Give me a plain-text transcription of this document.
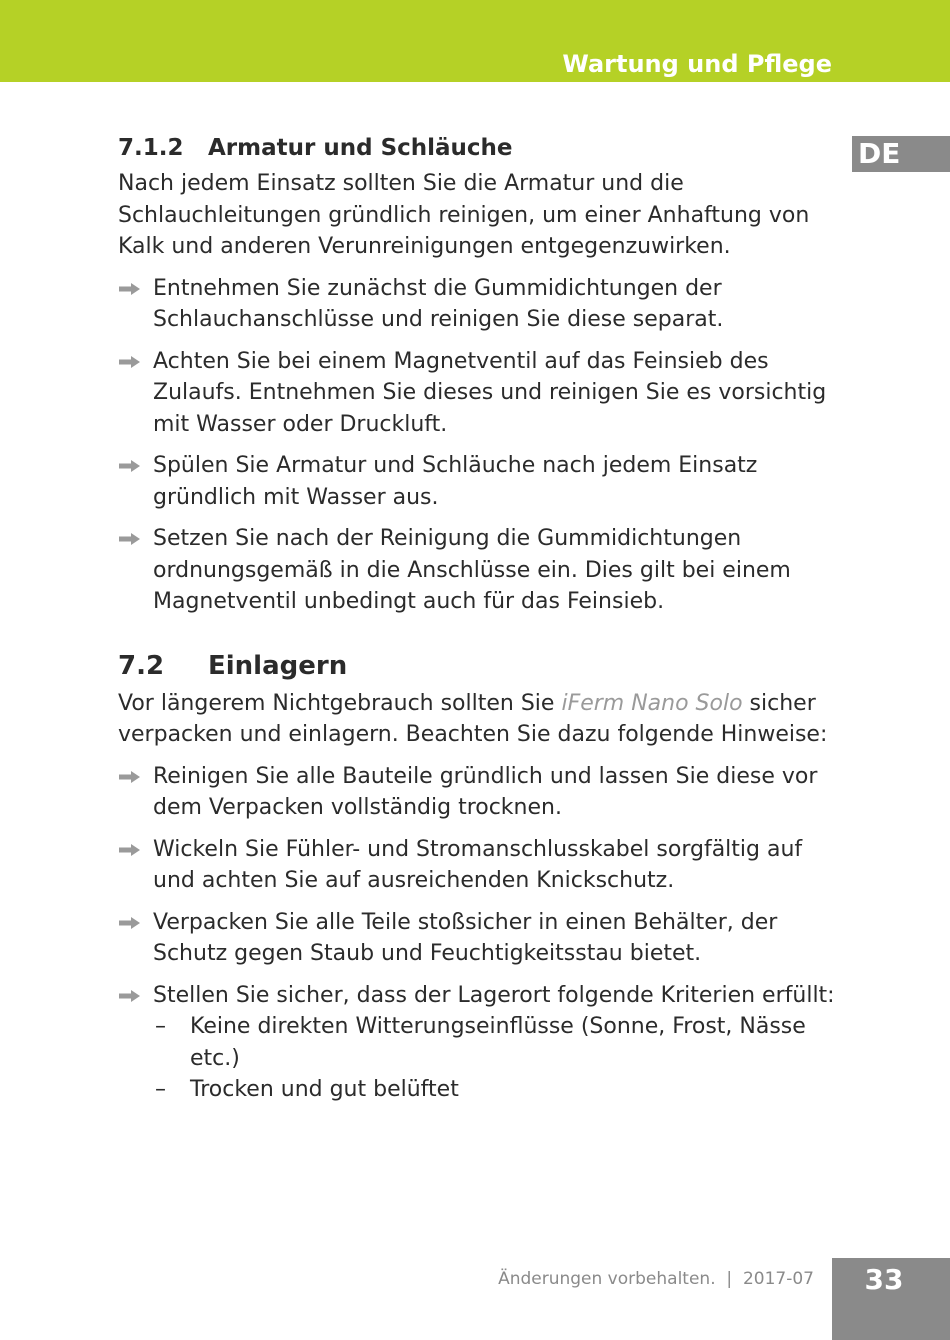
Wartung und Pflege
DE
7.1.2 Armatur und Schläuche

Nach jedem Einsatz sollten Sie die Armatur und die Schlauchleitungen gründlich reinigen, um einer Anhaftung von Kalk und anderen Verunreinigungen entgegenzuwirken.

Entnehmen Sie zunächst die Gummidichtungen der Schlauchanschlüsse und reinigen Sie diese separat.
Achten Sie bei einem Magnetventil auf das Feinsieb des Zulaufs. Entnehmen Sie dieses und reinigen Sie es vorsichtig mit Wasser oder Druckluft.
Spülen Sie Armatur und Schläuche nach jedem Einsatz gründlich mit Wasser aus.
Setzen Sie nach der Reinigung die Gummidichtungen ordnungsgemäß in die Anschlüsse ein. Dies gilt bei einem Magnetventil unbedingt auch für das Feinsieb.
7.2 Einlagern

Vor längerem Nichtgebrauch sollten Sie iFerm Nano Solo sicher verpacken und einlagern. Beachten Sie dazu folgende Hinweise:

Reinigen Sie alle Bauteile gründlich und lassen Sie diese vor dem Verpacken vollständig trocknen.
Wickeln Sie Fühler- und Stromanschlusskabel sorgfältig auf und achten Sie auf ausreichenden Knickschutz.
Verpacken Sie alle Teile stoßsicher in einen Behälter, der Schutz gegen Staub und Feuchtigkeitsstau bietet.
Stellen Sie sicher, dass der Lagerort folgende Kriterien erfüllt:
– Keine direkten Witterungseinflüsse (Sonne, Frost, Nässe etc.)
– Trocken und gut belüftet
Änderungen vorbehalten. | 2017-07	33
